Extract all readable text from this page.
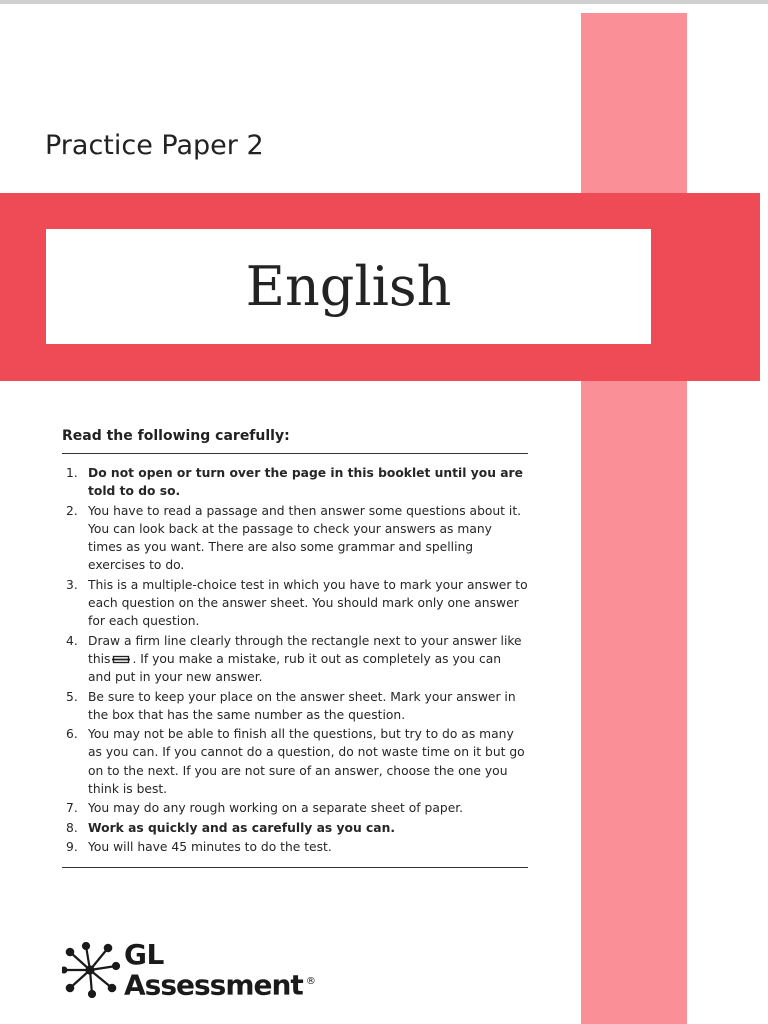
Practice Paper 2
English
Read the following carefully:
1. Do not open or turn over the page in this booklet until you are told to do so.
2. You have to read a passage and then answer some questions about it. You can look back at the passage to check your answers as many times as you want. There are also some grammar and spelling exercises to do.
3. This is a multiple-choice test in which you have to mark your answer to each question on the answer sheet. You should mark only one answer for each question.
4. Draw a firm line clearly through the rectangle next to your answer like this . If you make a mistake, rub it out as completely as you can and put in your new answer.
5. Be sure to keep your place on the answer sheet. Mark your answer in the box that has the same number as the question.
6. You may not be able to finish all the questions, but try to do as many as you can. If you cannot do a question, do not waste time on it but go on to the next. If you are not sure of an answer, choose the one you think is best.
7. You may do any rough working on a separate sheet of paper.
8. Work as quickly and as carefully as you can.
9. You will have 45 minutes to do the test.
GL
Assessment ®
